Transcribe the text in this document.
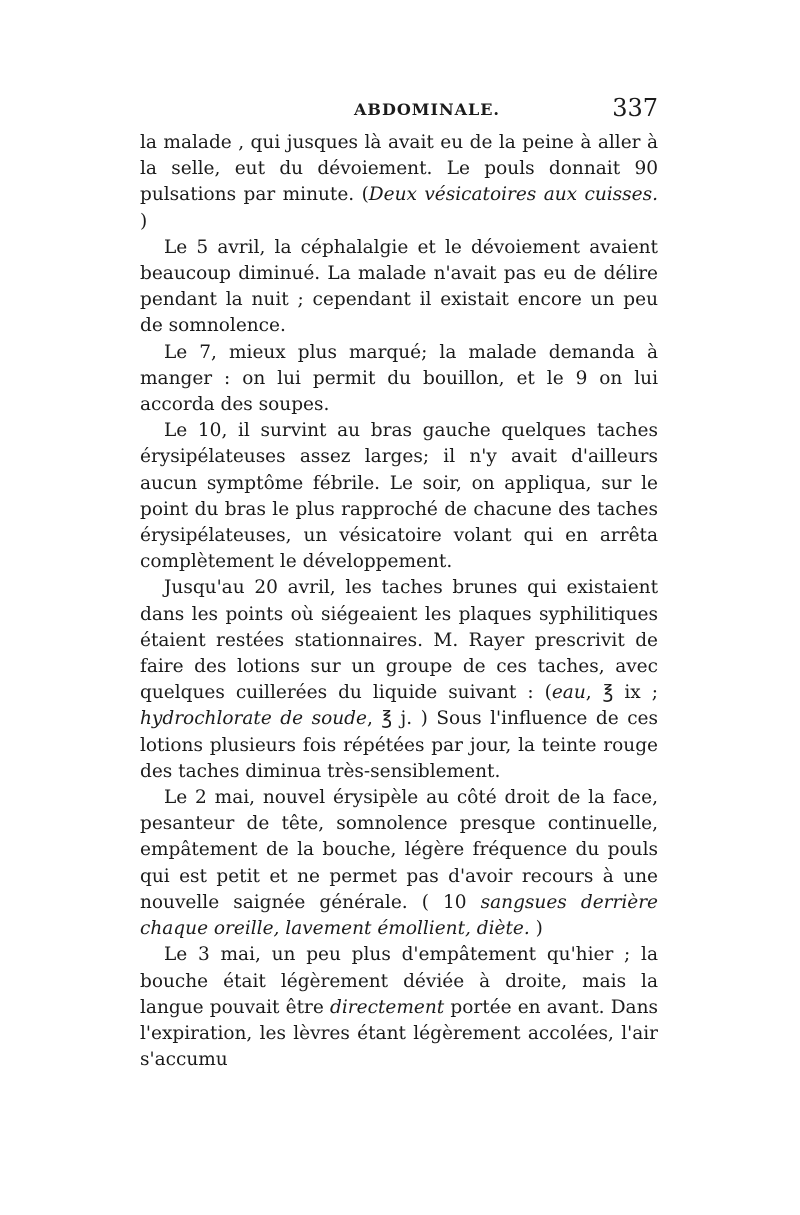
ABDOMINALE.	337

la malade , qui jusques là avait eu de la peine à aller à la selle, eut du dévoiement. Le pouls donnait 90 pulsations par minute. (Deux vésicatoires aux cuisses. )

Le 5 avril, la céphalalgie et le dévoiement avaient beaucoup diminué. La malade n'avait pas eu de délire pendant la nuit ; cependant il existait encore un peu de somnolence.

Le 7, mieux plus marqué; la malade demanda à manger : on lui permit du bouillon, et le 9 on lui accorda des soupes.

Le 10, il survint au bras gauche quelques taches érysipélateuses assez larges; il n'y avait d'ailleurs aucun symptôme fébrile. Le soir, on appliqua, sur le point du bras le plus rapproché de chacune des taches érysipélateuses, un vésicatoire volant qui en arrêta complètement le développement.

Jusqu'au 20 avril, les taches brunes qui existaient dans les points où siégeaient les plaques syphilitiques étaient restées stationnaires. M. Rayer prescrivit de faire des lotions sur un groupe de ces taches, avec quelques cuillerées du liquide suivant : (eau, ℥ ix ; hydrochlorate de soude, ℥ j. ) Sous l'influence de ces lotions plusieurs fois répétées par jour, la teinte rouge des taches diminua très-sensiblement.

Le 2 mai, nouvel érysipèle au côté droit de la face, pesanteur de tête, somnolence presque continuelle, empâtement de la bouche, légère fréquence du pouls qui est petit et ne permet pas d'avoir recours à une nouvelle saignée générale. ( 10 sangsues derrière chaque oreille, lavement émollient, diète. )

Le 3 mai, un peu plus d'empâtement qu'hier ; la bouche était légèrement déviée à droite, mais la langue pouvait être directement portée en avant. Dans l'expiration, les lèvres étant légèrement accolées, l'air s'accumu
